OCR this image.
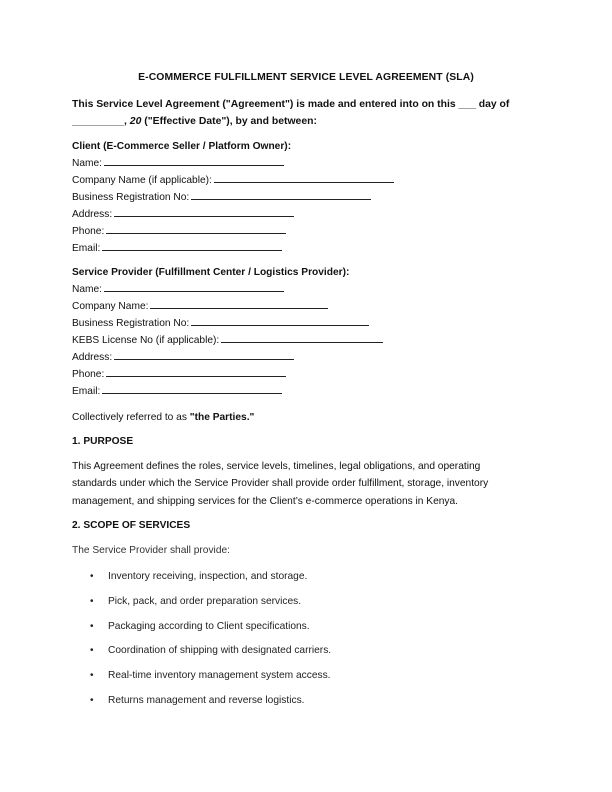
E-COMMERCE FULFILLMENT SERVICE LEVEL AGREEMENT (SLA)
This Service Level Agreement ("Agreement") is made and entered into on this ___ day of
_________, 20 ("Effective Date"), by and between:
Client (E-Commerce Seller / Platform Owner):
Name:
Company Name (if applicable):
Business Registration No:
Address:
Phone:
Email:
Service Provider (Fulfillment Center / Logistics Provider):
Name:
Company Name:
Business Registration No:
KEBS License No (if applicable):
Address:
Phone:
Email:
Collectively referred to as "the Parties."
1. PURPOSE
This Agreement defines the roles, service levels, timelines, legal obligations, and operating
standards under which the Service Provider shall provide order fulfillment, storage, inventory
management, and shipping services for the Client’s e-commerce operations in Kenya.
2. SCOPE OF SERVICES
The Service Provider shall provide:
• Inventory receiving, inspection, and storage.
• Pick, pack, and order preparation services.
• Packaging according to Client specifications.
• Coordination of shipping with designated carriers.
• Real-time inventory management system access.
• Returns management and reverse logistics.
